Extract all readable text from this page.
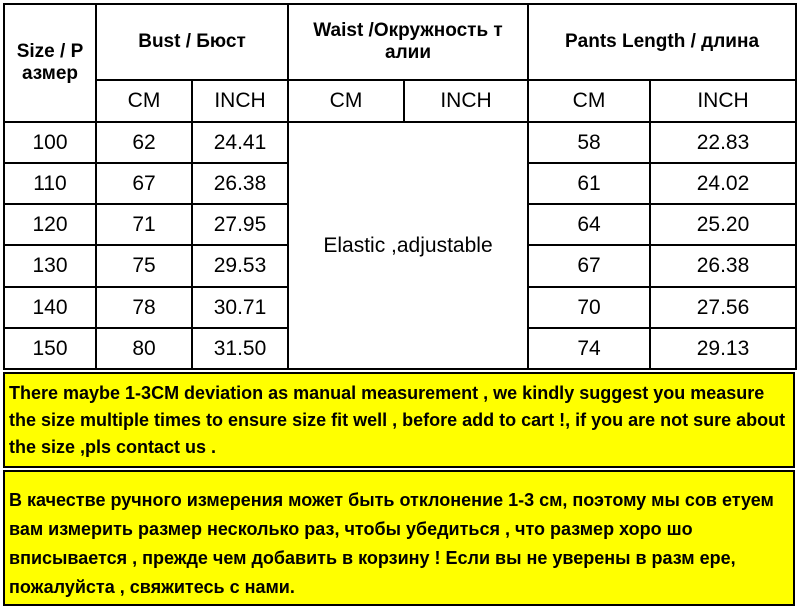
Size / Р азмер	Bust / Бюст		Waist /Окружность т алии		Pants Length / длина	
	CM	INCH	CM	INCH	CM	INCH
100	62	24.41	Elastic ,adjustable		58	22.83
110	67	26.38			61	24.02
120	71	27.95			64	25.20
130	75	29.53			67	26.38
140	78	30.71			70	27.56
150	80	31.50			74	29.13
There maybe 1-3CM deviation as manual measurement , we kindly suggest you measure the size multiple times to ensure size fit well , before add to cart !, if you are not sure about the size ,pls contact us .
В качестве ручного измерения может быть отклонение 1-3 см, поэтому мы сов етуем вам измерить размер несколько раз, чтобы убедиться , что размер хоро шо вписывается , прежде чем добавить в корзину ! Если вы не уверены в разм ере, пожалуйста , свяжитесь с нами.
